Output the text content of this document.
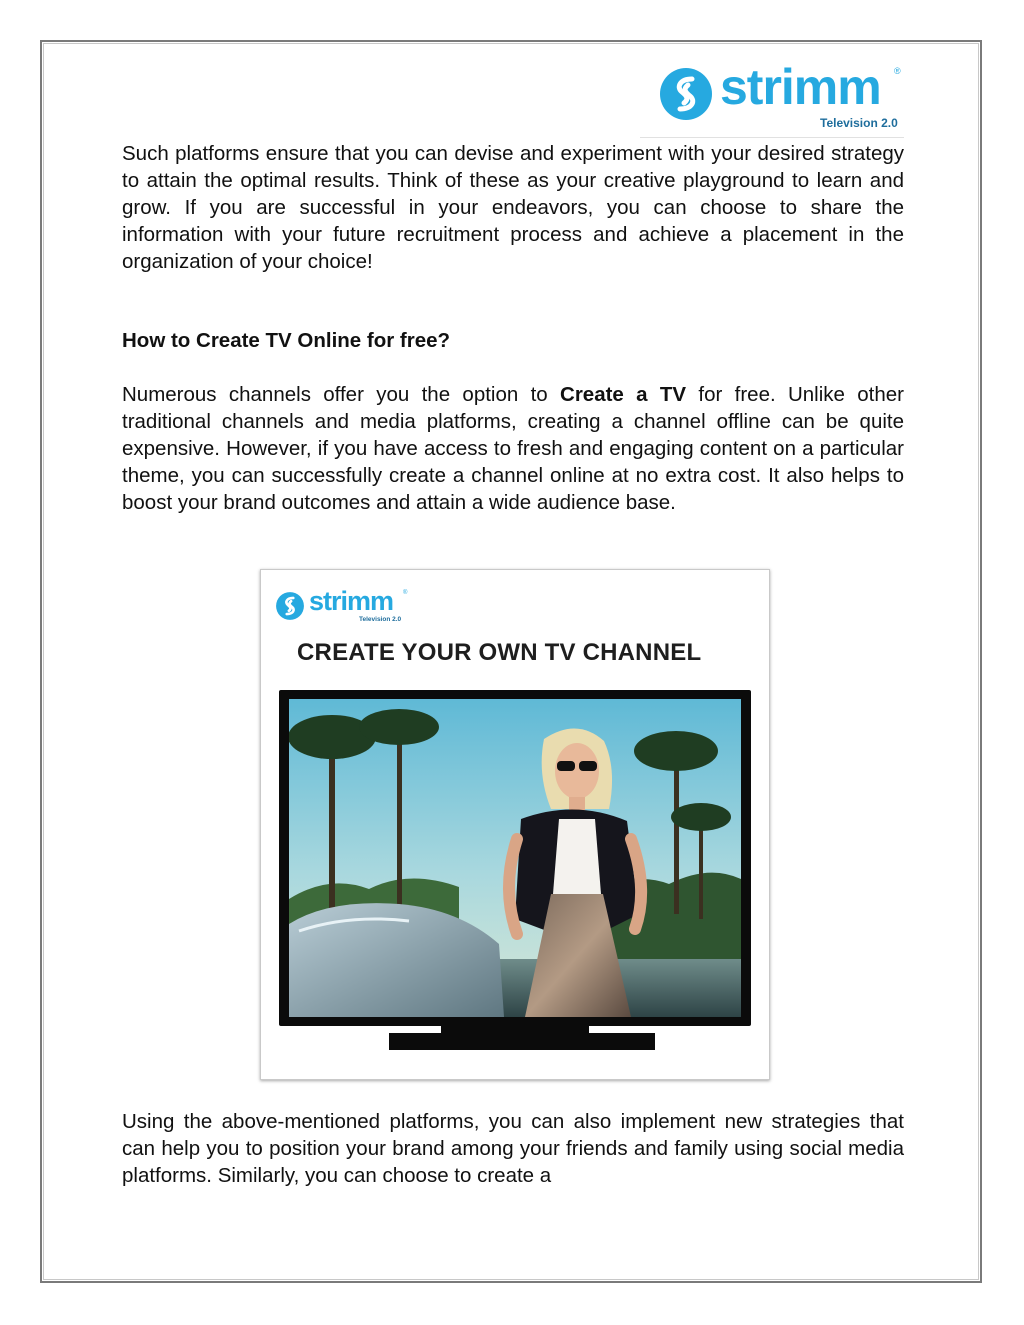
strimm ®
Television 2.0

Such platforms ensure that you can devise and experiment with your desired strategy to attain the optimal results. Think of these as your creative playground to learn and grow. If you are successful in your endeavors, you can choose to share the information with your future recruitment process and achieve a placement in the organization of your choice!

How to Create TV Online for free?

Numerous channels offer you the option to Create a TV for free. Unlike other traditional channels and media platforms, creating a channel offline can be quite expensive. However, if you have access to fresh and engaging content on a particular theme, you can successfully create a channel online at no extra cost. It also helps to boost your brand outcomes and attain a wide audience base.

strimm ®
Television 2.0
CREATE YOUR OWN TV CHANNEL

Using the above-mentioned platforms, you can also implement new strategies that can help you to position your brand among your friends and family using social media platforms. Similarly, you can choose to create a
